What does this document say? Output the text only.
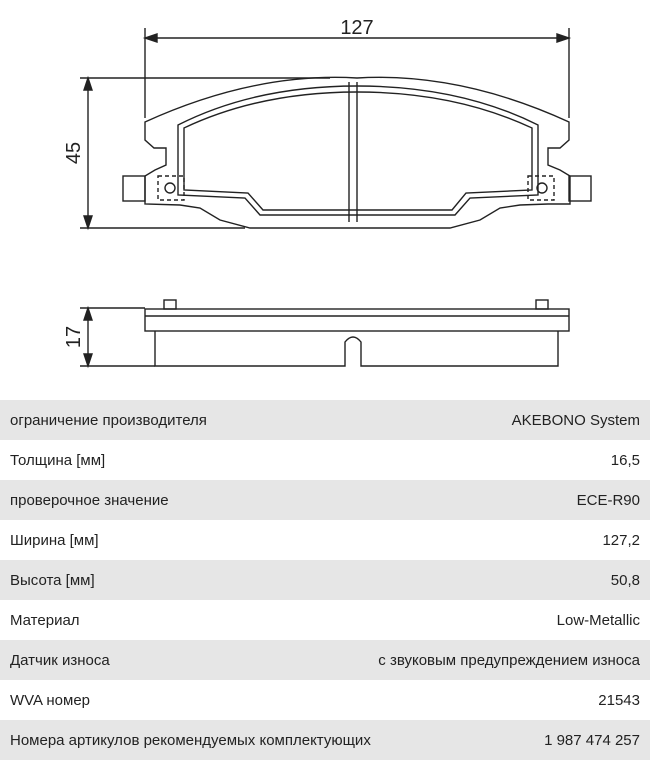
127
45
17
ограничение производителя	AKEBONO System
Толщина [мм]	16,5
проверочное значение	ECE-R90
Ширина [мм]	127,2
Высота [мм]	50,8
Материал	Low-Metallic
Датчик износа	с звуковым предупреждением износа
WVA номер	21543
Номера артикулов рекомендуемых комплектующих	1 987 474 257
